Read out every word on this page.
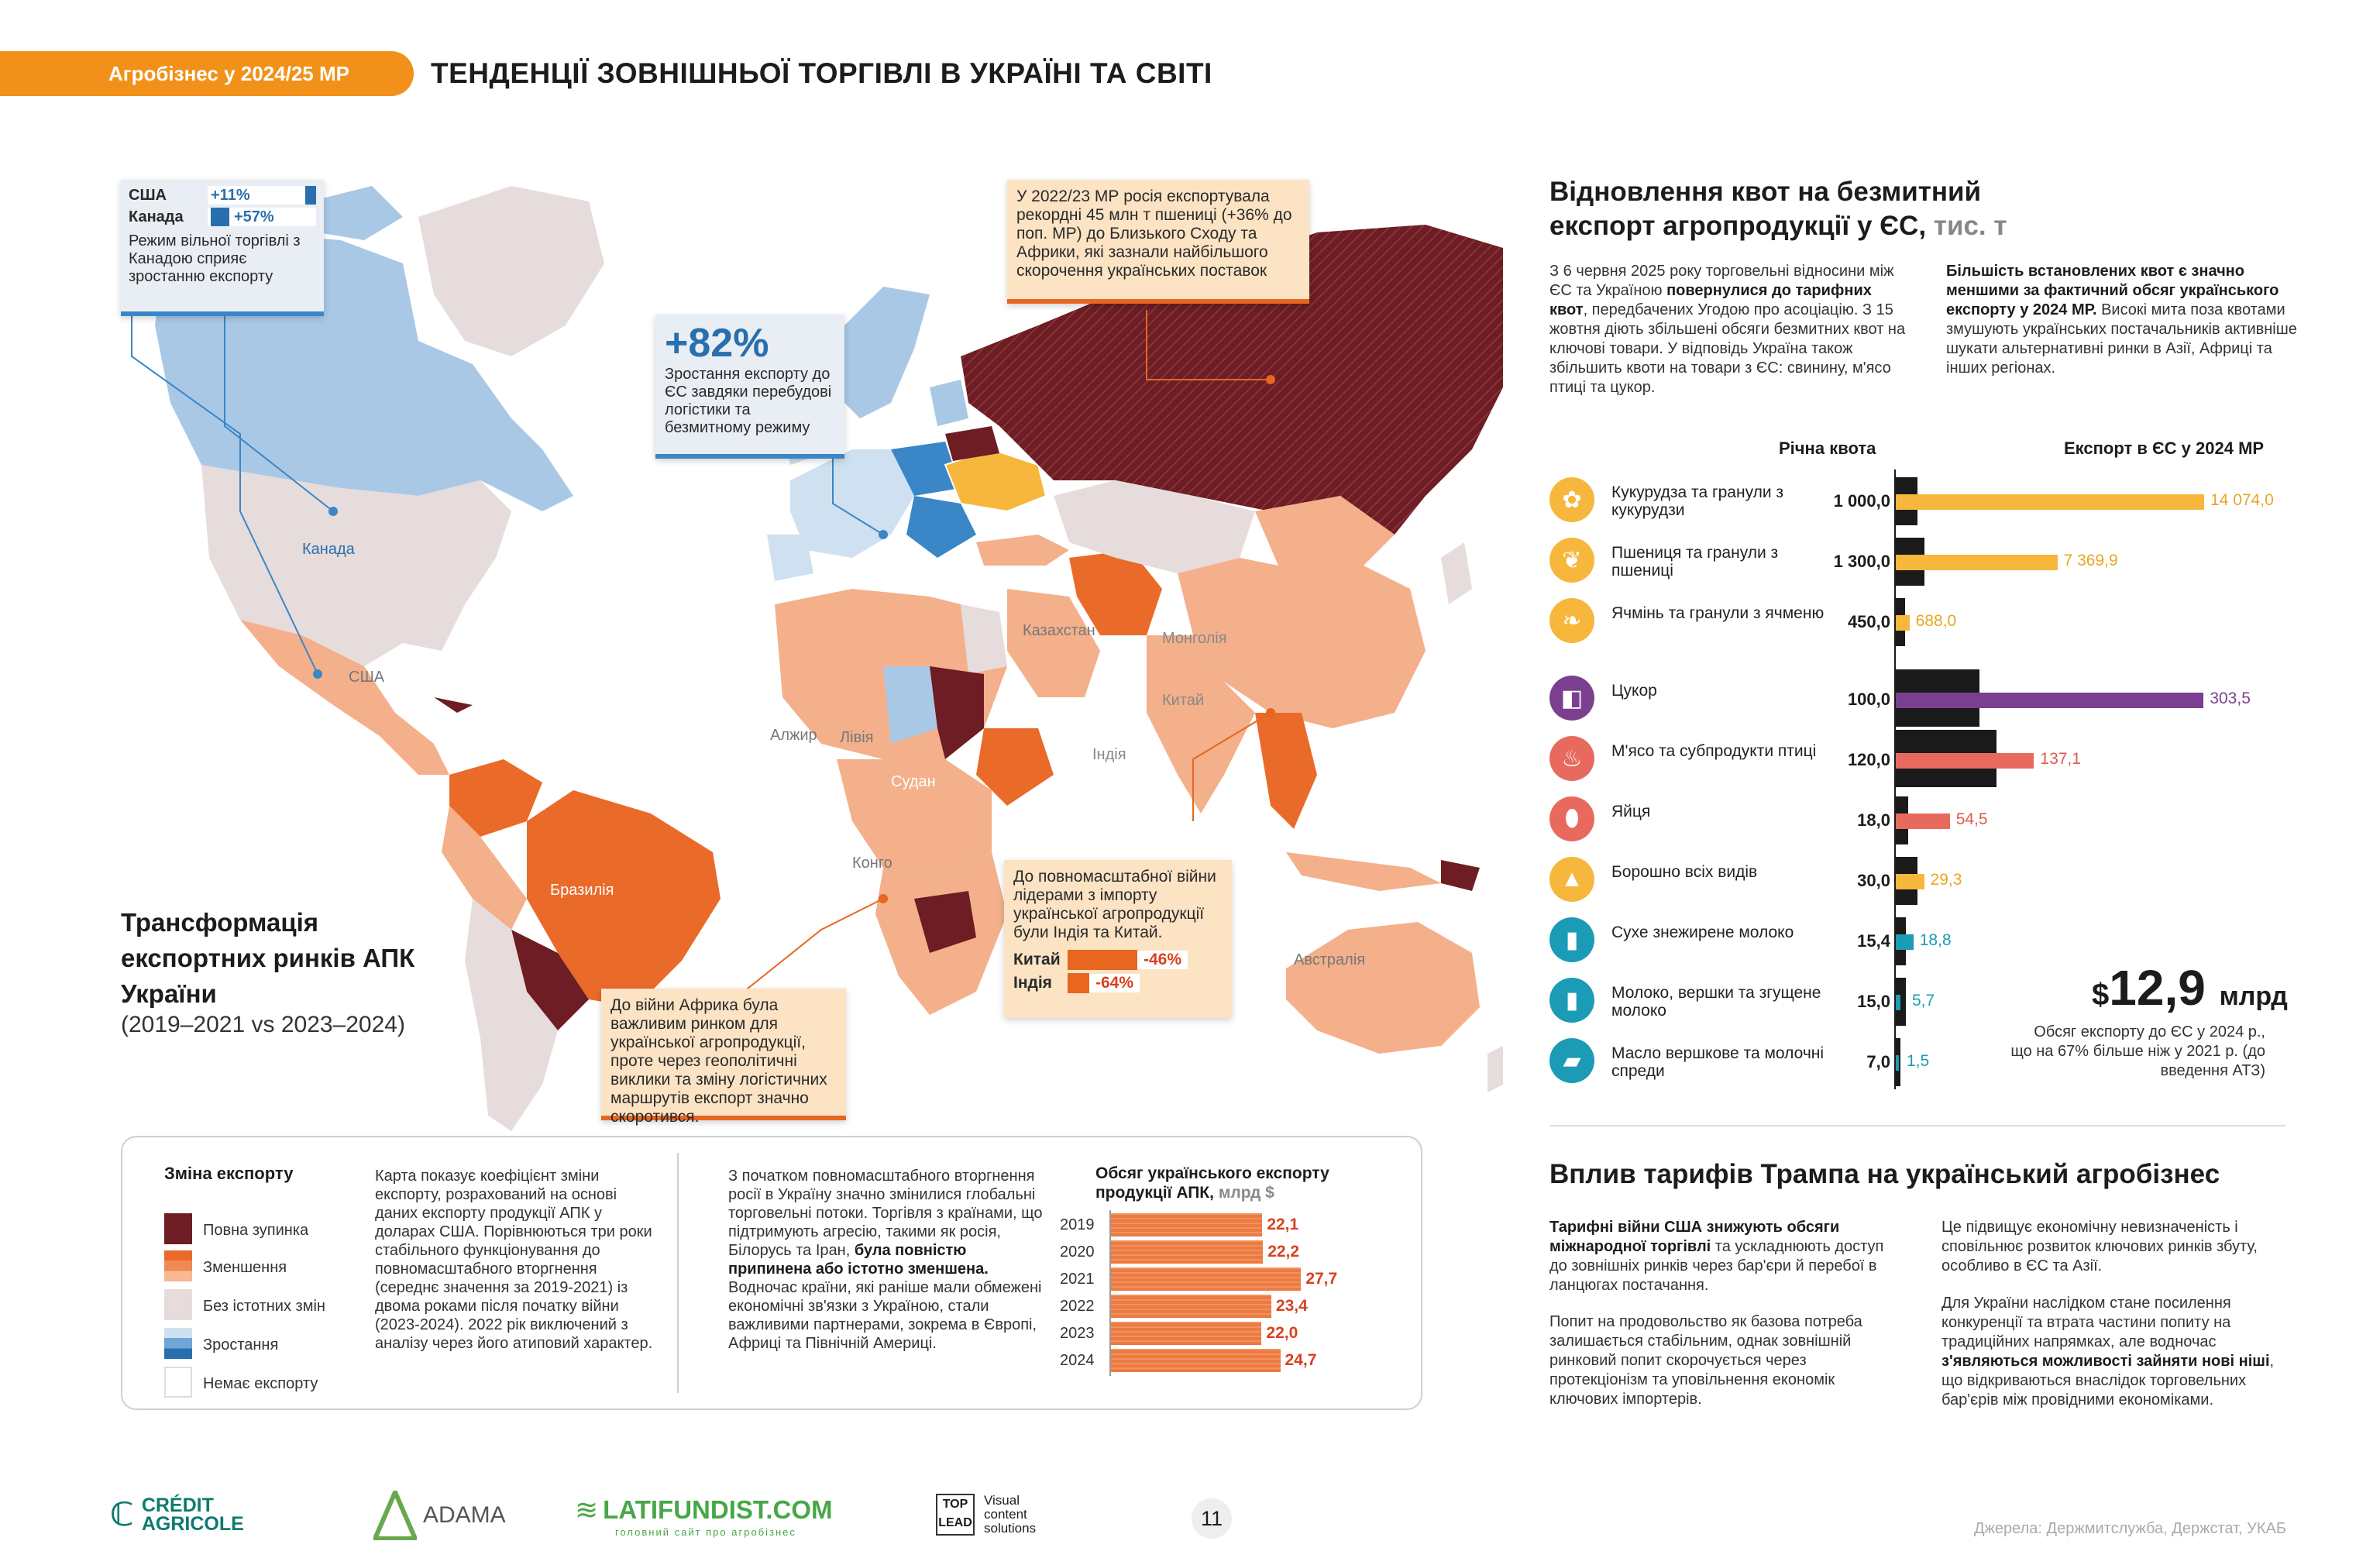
Агробізнес у 2024/25 МР	ТЕНДЕНЦІЇ ЗОВНІШНЬОЇ ТОРГІВЛІ В УКРАЇНІ ТА СВІТІ
Канада
США
Бразилія
росія
Казахстан	Монголія
Китай
Індія
Іран
Алжир Лівія
Судан
Конго
Австралія
США	+11%
Канада	+57%
Режим вільної торгівлі з Канадою сприяє зростанню експорту
+82%
Зростання експорту до ЄС завдяки перебудові логістики та безмитному режиму
У 2022/23 МР росія експортувала рекордні 45 млн т пшениці (+36% до поп. МР) до Близького Сходу та Африки, які зазнали найбільшого скорочення українських поставок
До повномасштабної війни лідерами з імпорту української агропродукції були Індія та Китай.
Китай	-46%
Індія	-64%
До війни Африка була важливим ринком для української агропродукції, проте через геополітичні виклики та зміну логістичних маршрутів експорт значно скоротився.
Трансформація експортних ринків АПК України
(2019–2021 vs 2023–2024)
Зміна експорту
Повна зупинка
Зменшення
Без істотних змін
Зростання
Немає експорту
Карта показує коефіцієнт зміни експорту, розрахований на основі даних експорту продукції АПК у доларах США. Порівнюються три роки стабільного функціонування до повномасштабного вторгнення (середнє значення за 2019-2021) із двома роками після початку війни (2023-2024). 2022 рік виключений з аналізу через його атиповий характер.
З початком повномасштабного вторгнення росії в Україну значно змінилися глобальні торговельні потоки. Торгівля з країнами, що підтримують агресію, такими як росія, Білорусь та Іран, була повністю припинена або істотно зменшена. Водночас країни, які раніше мали обмежені економічні зв'язки з Україною, стали важливими партнерами, зокрема в Європі, Африці та Північній Америці.
Обсяг українського експорту продукції АПК, млрд $
2019	22,1
2020	22,2
2021	27,7
2022	23,4
2023	22,0
2024	24,7
Відновлення квот на безмитний експорт агропродукції у ЄС, тис. т
З 6 червня 2025 року торговельні відносини між ЄС та Україною повернулися до тарифних квот, передбачених Угодою про асоціацію. З 15 жовтня діють збільшені обсяги безмитних квот на ключові товари. У відповідь Україна також збільшить квоти на товари з ЄС: свинину, м'ясо птиці та цукор.
Більшість встановлених квот є значно меншими за фактичний обсяг українського експорту у 2024 МР. Високі мита поза квотами змушують українських постачальників активніше шукати альтернативні ринки в Азії, Африці та інших регіонах.
Річна квота	Експорт в ЄС у 2024 МР
✿	Кукурудза та гранули з кукурудзи	1 000,0	14 074,0
❦	Пшениця та гранули з пшениці	1 300,0	7 369,9
❧	Ячмінь та гранули з ячменю	450,0 688,0
◧	Цукор	100,0	303,5
♨	М'ясо та субпродукти птиці	120,0	137,1
⬮	Яйця	18,0	54,5
▲	Борошно всіх видів	30,0 29,3
▮	Сухе знежирене молоко	15,4 18,8
▮	Молоко, вершки та згущене молоко	15,0 5,7
▰	Масло вершкове та молочні спреди	7,0 1,5
$12,9 млрд
Обсяг експорту до ЄС у 2024 р., що на 67% більше ніж у 2021 р. (до введення АТЗ)
Вплив тарифів Трампа на український агробізнес
Тарифні війни США знижують обсяги міжнародної торгівлі та ускладнюють доступ до зовнішніх ринків через бар'єри й перебої в ланцюгах постачання.
Попит на продовольство як базова потреба залишається стабільним, однак зовнішній ринковий попит скорочується через протекціонізм та уповільнення економік ключових імпортерів.
Це підвищує економічну невизначеність і сповільнює розвиток ключових ринків збуту, особливо в ЄС та Азії.
Для України наслідком стане посилення конкуренції та втрата частини попиту на традиційних напрямках, але водночас з'являються можливості зайняти нові ніші, що відкриваються внаслідок торговельних бар'єрів між провідними економіками.
ℂ CRÉDIT AGRICOLE	ADAMA ≋ LATIFUNDIST.COM
головний сайт про агробізнес
TOP
LEAD
Visual content solutions	11	Джерела: Держмитслужба, Держстат, УКАБ
